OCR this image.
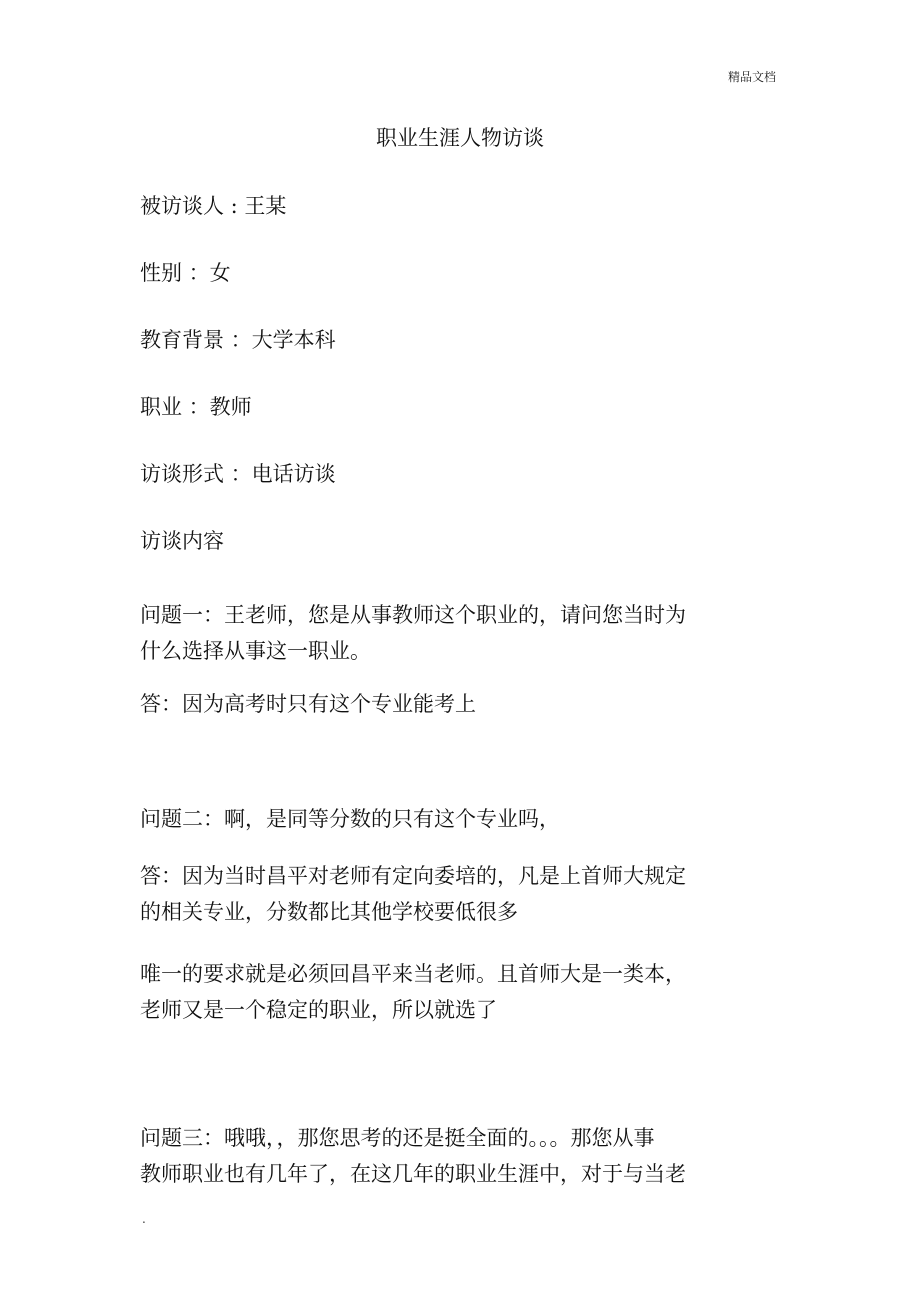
精品文档
职业生涯人物访谈
被访谈人 : 王某
性别 ：女
教育背景 ：大学本科
职业 ：教师
访谈形式 ：电话访谈
访谈内容
问题一：王老师，您是从事教师这个职业的，请问您当时为
什么选择从事这一职业。
答：因为高考时只有这个专业能考上
问题二：啊，是同等分数的只有这个专业吗，
答：因为当时昌平对老师有定向委培的，凡是上首师大规定
的相关专业，分数都比其他学校要低很多
唯一的要求就是必须回昌平来当老师。且首师大是一类本，
老师又是一个稳定的职业，所以就选了
问题三：哦哦，，那您思考的还是挺全面的。。。那您从事
教师职业也有几年了，在这几年的职业生涯中，对于与当老
.
